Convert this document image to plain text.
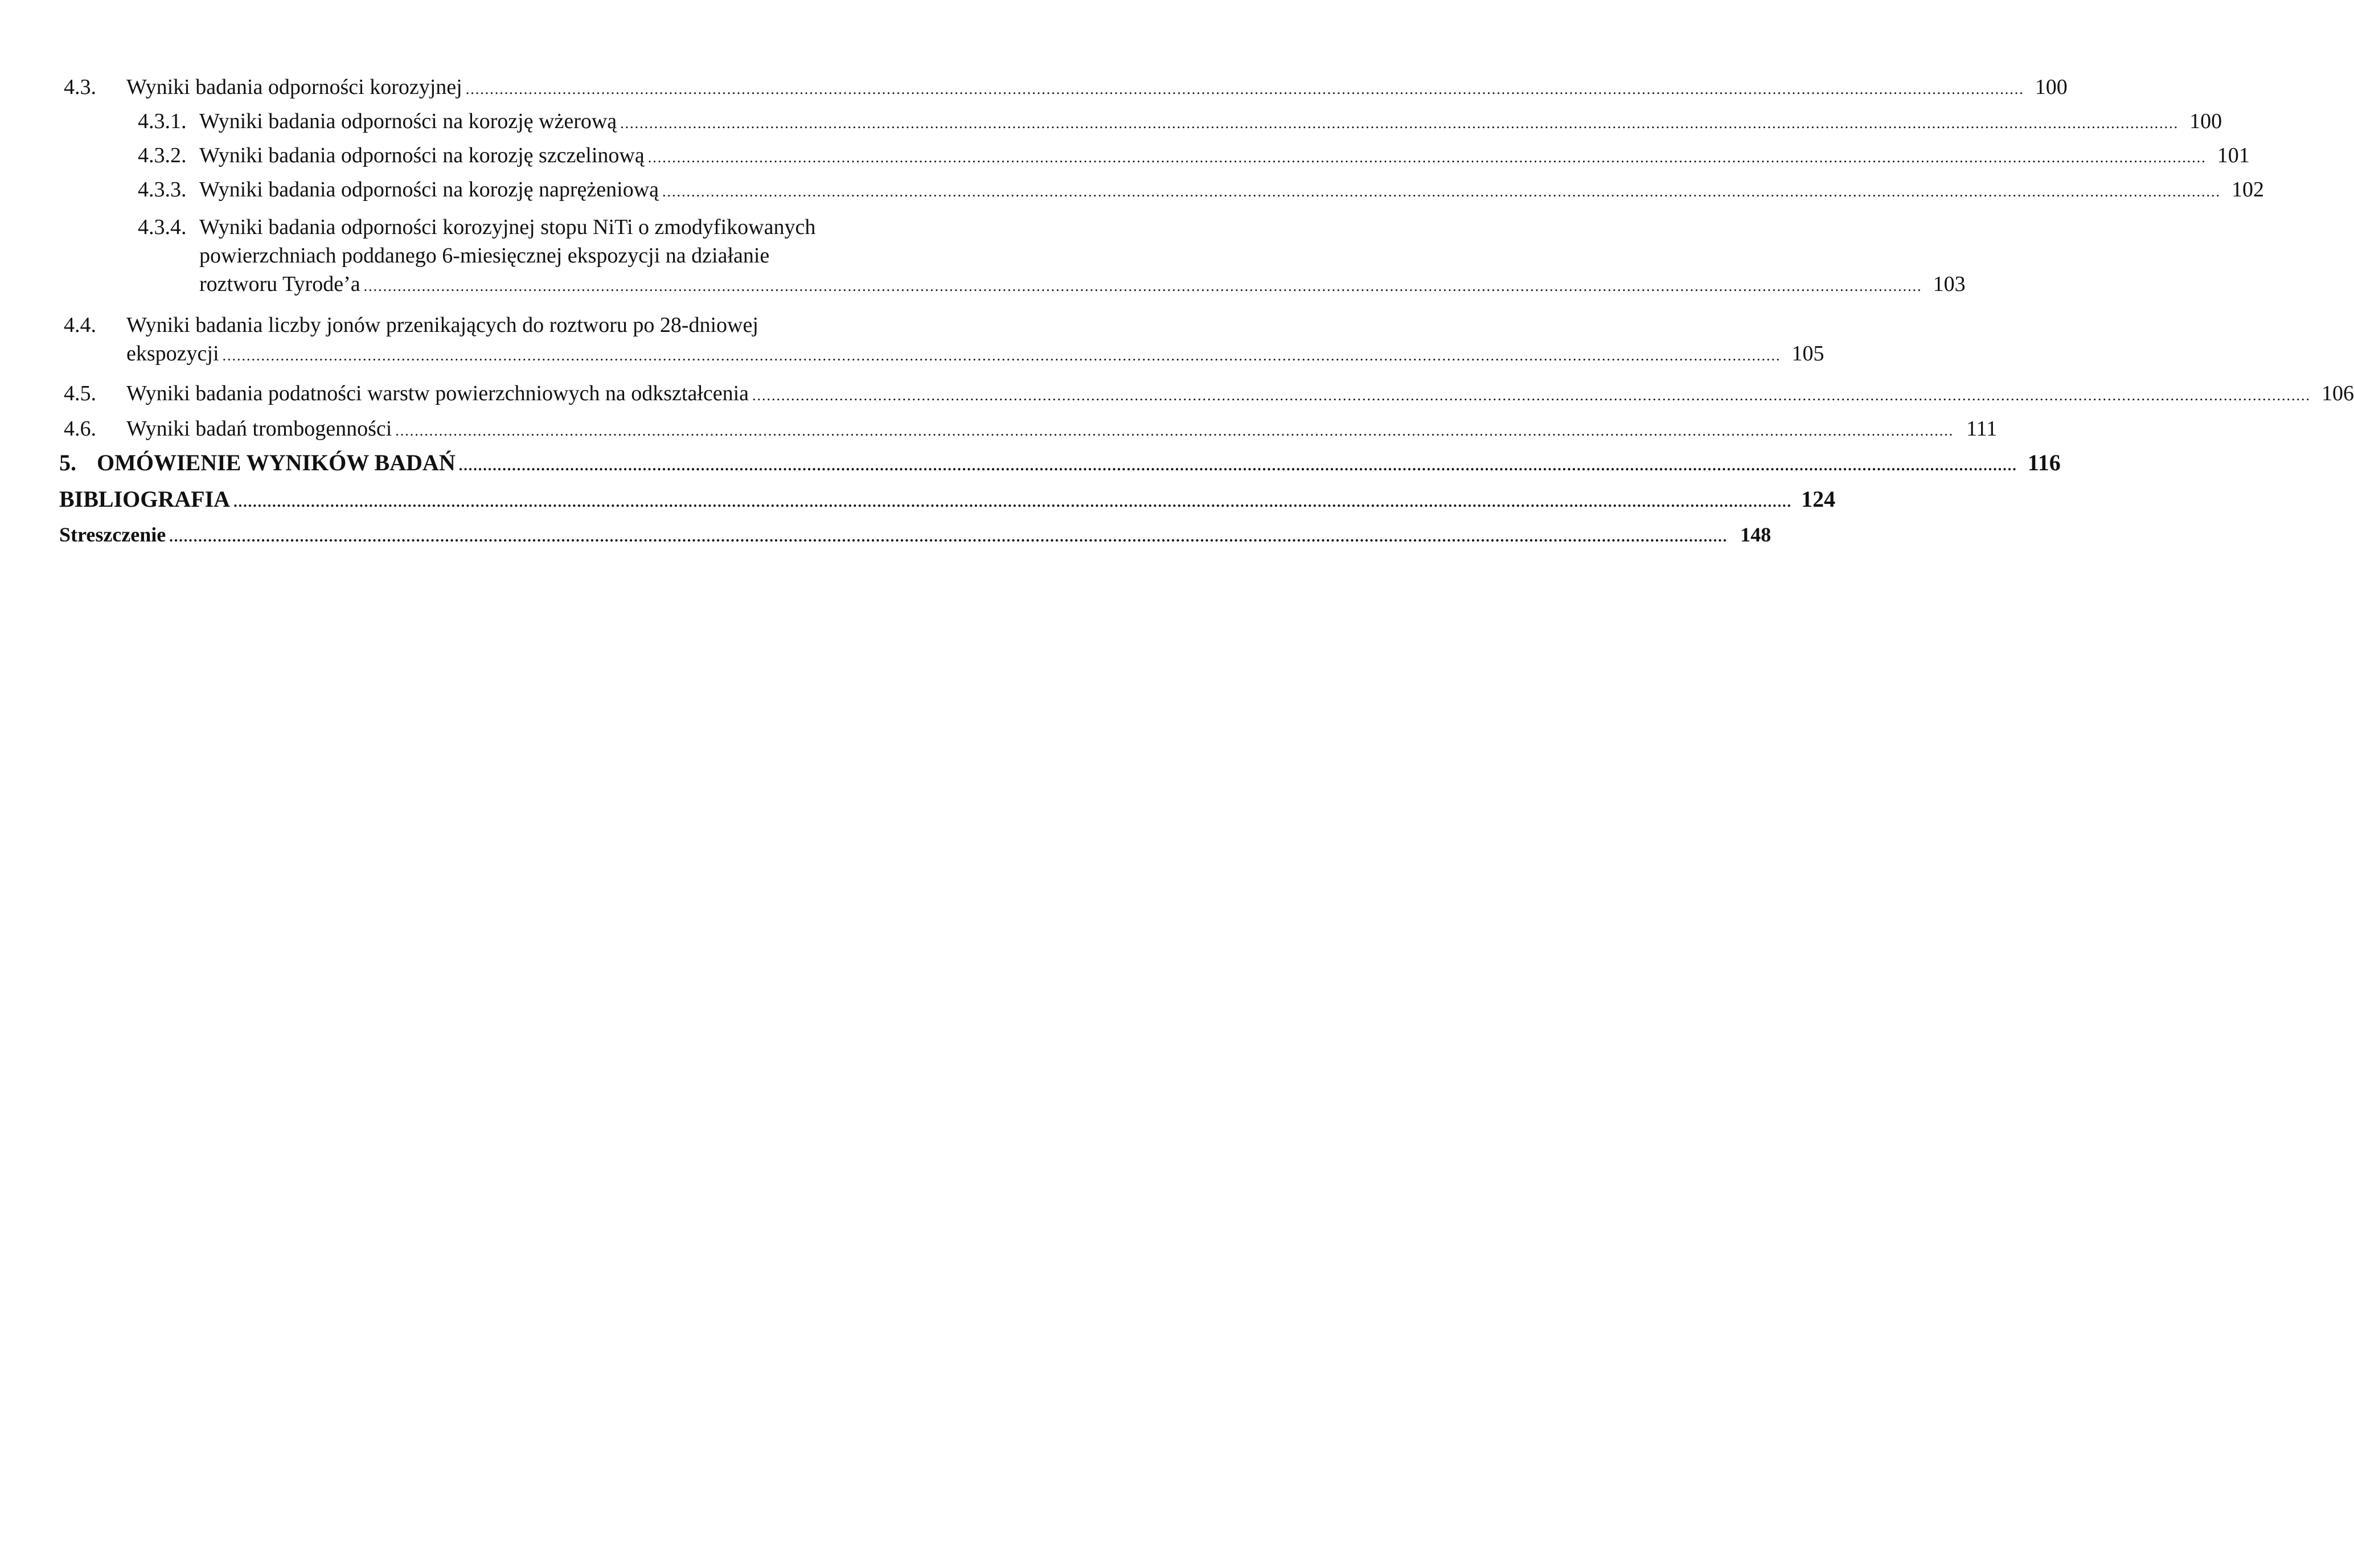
4.3.	Wyniki badania odporności korozyjnej .....	100
4.3.1. Wyniki badania odporności na korozję wżerową .....	100
4.3.2. Wyniki badania odporności na korozję szczelinową .....	101
4.3.3. Wyniki badania odporności na korozję naprężeniową .....	102
4.3.4. Wyniki badania odporności korozyjnej stopu NiTi o zmodyfikowanych
powierzchniach poddanego 6-miesięcznej ekspozycji na działanie
roztworu Tyrode’a .....	103
4.4.	Wyniki badania liczby jonów przenikających do roztworu po 28-dniowej
ekspozycji .....	105
4.5.	Wyniki badania podatności warstw powierzchniowych na odkształcenia .....	106
4.6.	Wyniki badań trombogenności .....	111
5. OMÓWIENIE WYNIKÓW BADAŃ .....	116
BIBLIOGRAFIA .....	124
Streszczenie .....	148
